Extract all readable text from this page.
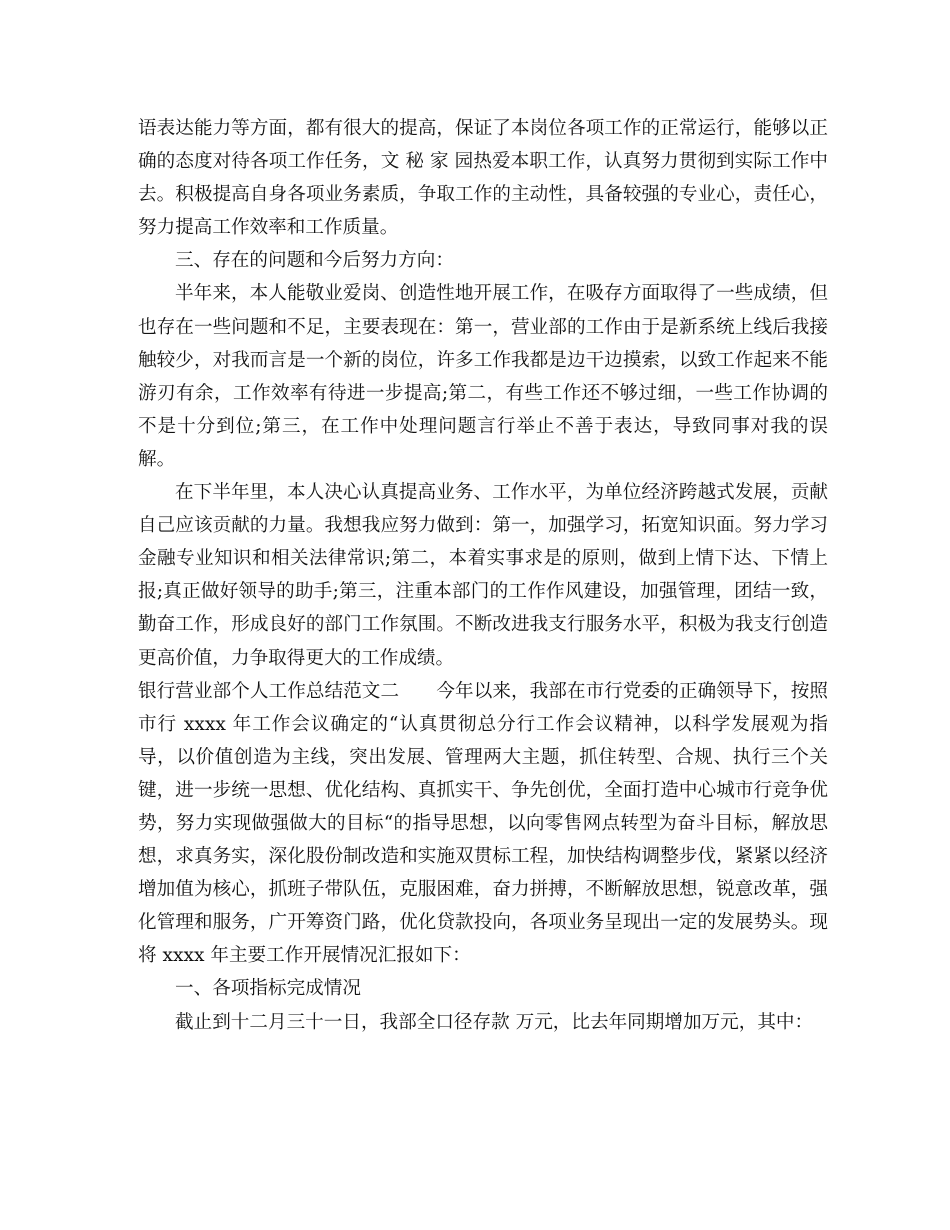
语表达能力等方面，都有很大的提高，保证了本岗位各项工作的正常运行，能够以正确的态度对待各项工作任务，文 秘 家 园热爱本职工作，认真努力贯彻到实际工作中去。积极提高自身各项业务素质，争取工作的主动性，具备较强的专业心，责任心，努力提高工作效率和工作质量。

三、存在的问题和今后努力方向：

半年来，本人能敬业爱岗、创造性地开展工作，在吸存方面取得了一些成绩，但也存在一些问题和不足，主要表现在：第一，营业部的工作由于是新系统上线后我接触较少，对我而言是一个新的岗位，许多工作我都是边干边摸索，以致工作起来不能游刃有余，工作效率有待进一步提高;第二，有些工作还不够过细，一些工作协调的不是十分到位;第三，在工作中处理问题言行举止不善于表达，导致同事对我的误解。

在下半年里，本人决心认真提高业务、工作水平，为单位经济跨越式发展，贡献自己应该贡献的力量。我想我应努力做到：第一，加强学习，拓宽知识面。努力学习金融专业知识和相关法律常识;第二，本着实事求是的原则，做到上情下达、下情上报;真正做好领导的助手;第三，注重本部门的工作作风建设，加强管理，团结一致，勤奋工作，形成良好的部门工作氛围。不断改进我支行服务水平，积极为我支行创造更高价值，力争取得更大的工作成绩。

银行营业部个人工作总结范文二　　今年以来，我部在市行党委的正确领导下，按照市行 xxxx 年工作会议确定的“认真贯彻总分行工作会议精神，以科学发展观为指导，以价值创造为主线，突出发展、管理两大主题，抓住转型、合规、执行三个关键，进一步统一思想、优化结构、真抓实干、争先创优，全面打造中心城市行竞争优势，努力实现做强做大的目标“的指导思想，以向零售网点转型为奋斗目标，解放思想，求真务实，深化股份制改造和实施双贯标工程，加快结构调整步伐，紧紧以经济增加值为核心，抓班子带队伍，克服困难，奋力拼搏，不断解放思想，锐意改革，强化管理和服务，广开筹资门路，优化贷款投向，各项业务呈现出一定的发展势头。现将 xxxx 年主要工作开展情况汇报如下：

一、各项指标完成情况

截止到十二月三十一日，我部全口径存款 万元，比去年同期增加万元，其中：
